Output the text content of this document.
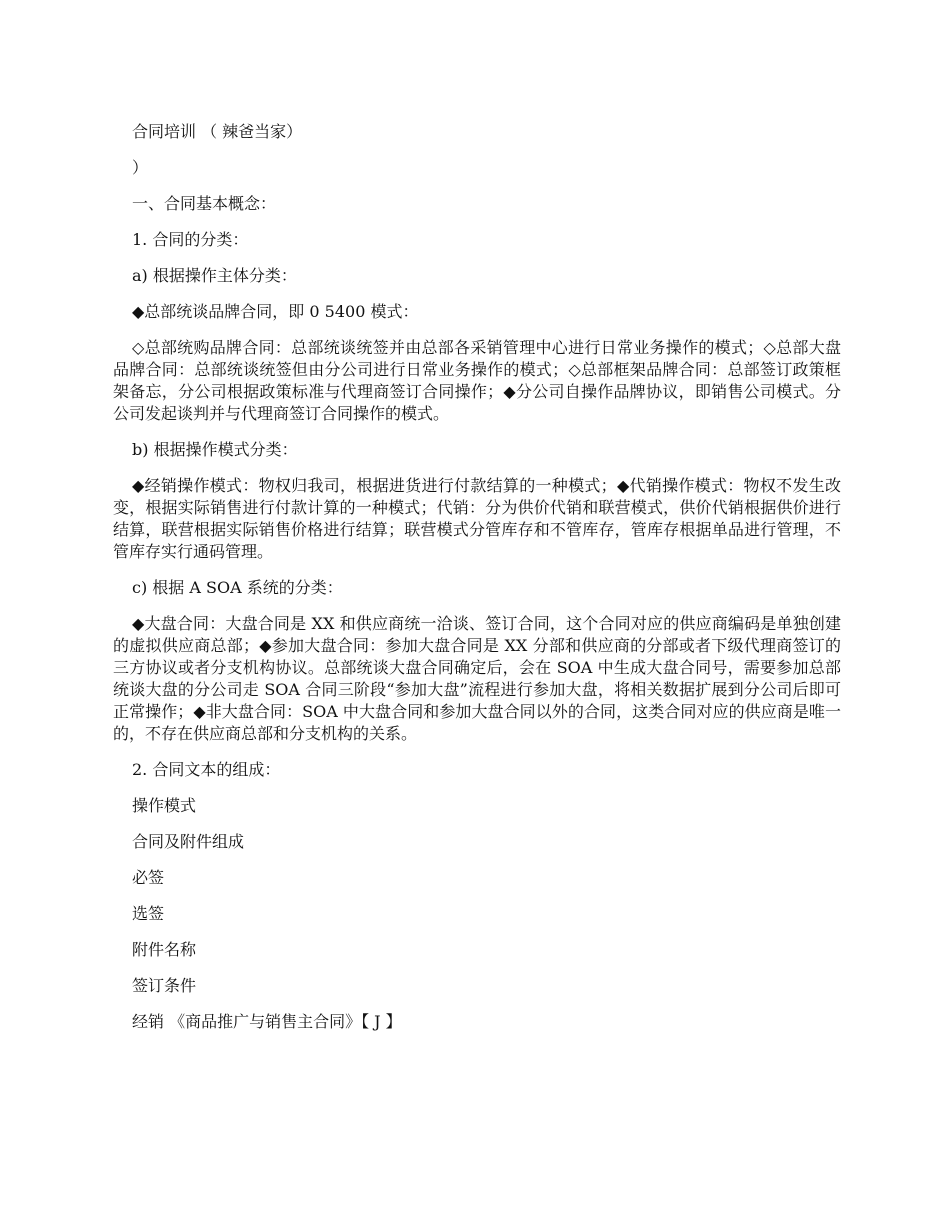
合同培训 （ 辣爸当家）

）

一、合同基本概念：

1. 合同的分类：

a) 根据操作主体分类：

◆总部统谈品牌合同，即 0 5400 模式：

◇总部统购品牌合同：总部统谈统签并由总部各采销管理中心进行日常业务操作的模式；◇总部大盘品牌合同：总部统谈统签但由分公司进行日常业务操作的模式；◇总部框架品牌合同：总部签订政策框架备忘，分公司根据政策标准与代理商签订合同操作；◆分公司自操作品牌协议，即销售公司模式。分公司发起谈判并与代理商签订合同操作的模式。

b) 根据操作模式分类：

◆经销操作模式：物权归我司，根据进货进行付款结算的一种模式；◆代销操作模式：物权不发生改变，根据实际销售进行付款计算的一种模式；代销：分为供价代销和联营模式，供价代销根据供价进行结算，联营根据实际销售价格进行结算；联营模式分管库存和不管库存，管库存根据单品进行管理，不管库存实行通码管理。

c) 根据 A SOA 系统的分类：

◆大盘合同：大盘合同是 XX 和供应商统一洽谈、签订合同，这个合同对应的供应商编码是单独创建的虚拟供应商总部；◆参加大盘合同：参加大盘合同是 XX 分部和供应商的分部或者下级代理商签订的三方协议或者分支机构协议。总部统谈大盘合同确定后，会在 SOA 中生成大盘合同号，需要参加总部统谈大盘的分公司走 SOA 合同三阶段“参加大盘”流程进行参加大盘，将相关数据扩展到分公司后即可正常操作；◆非大盘合同：SOA 中大盘合同和参加大盘合同以外的合同，这类合同对应的供应商是唯一的，不存在供应商总部和分支机构的关系。

2. 合同文本的组成：

操作模式

合同及附件组成

必签

选签

附件名称

签订条件

经销 《商品推广与销售主合同》【 J 】
